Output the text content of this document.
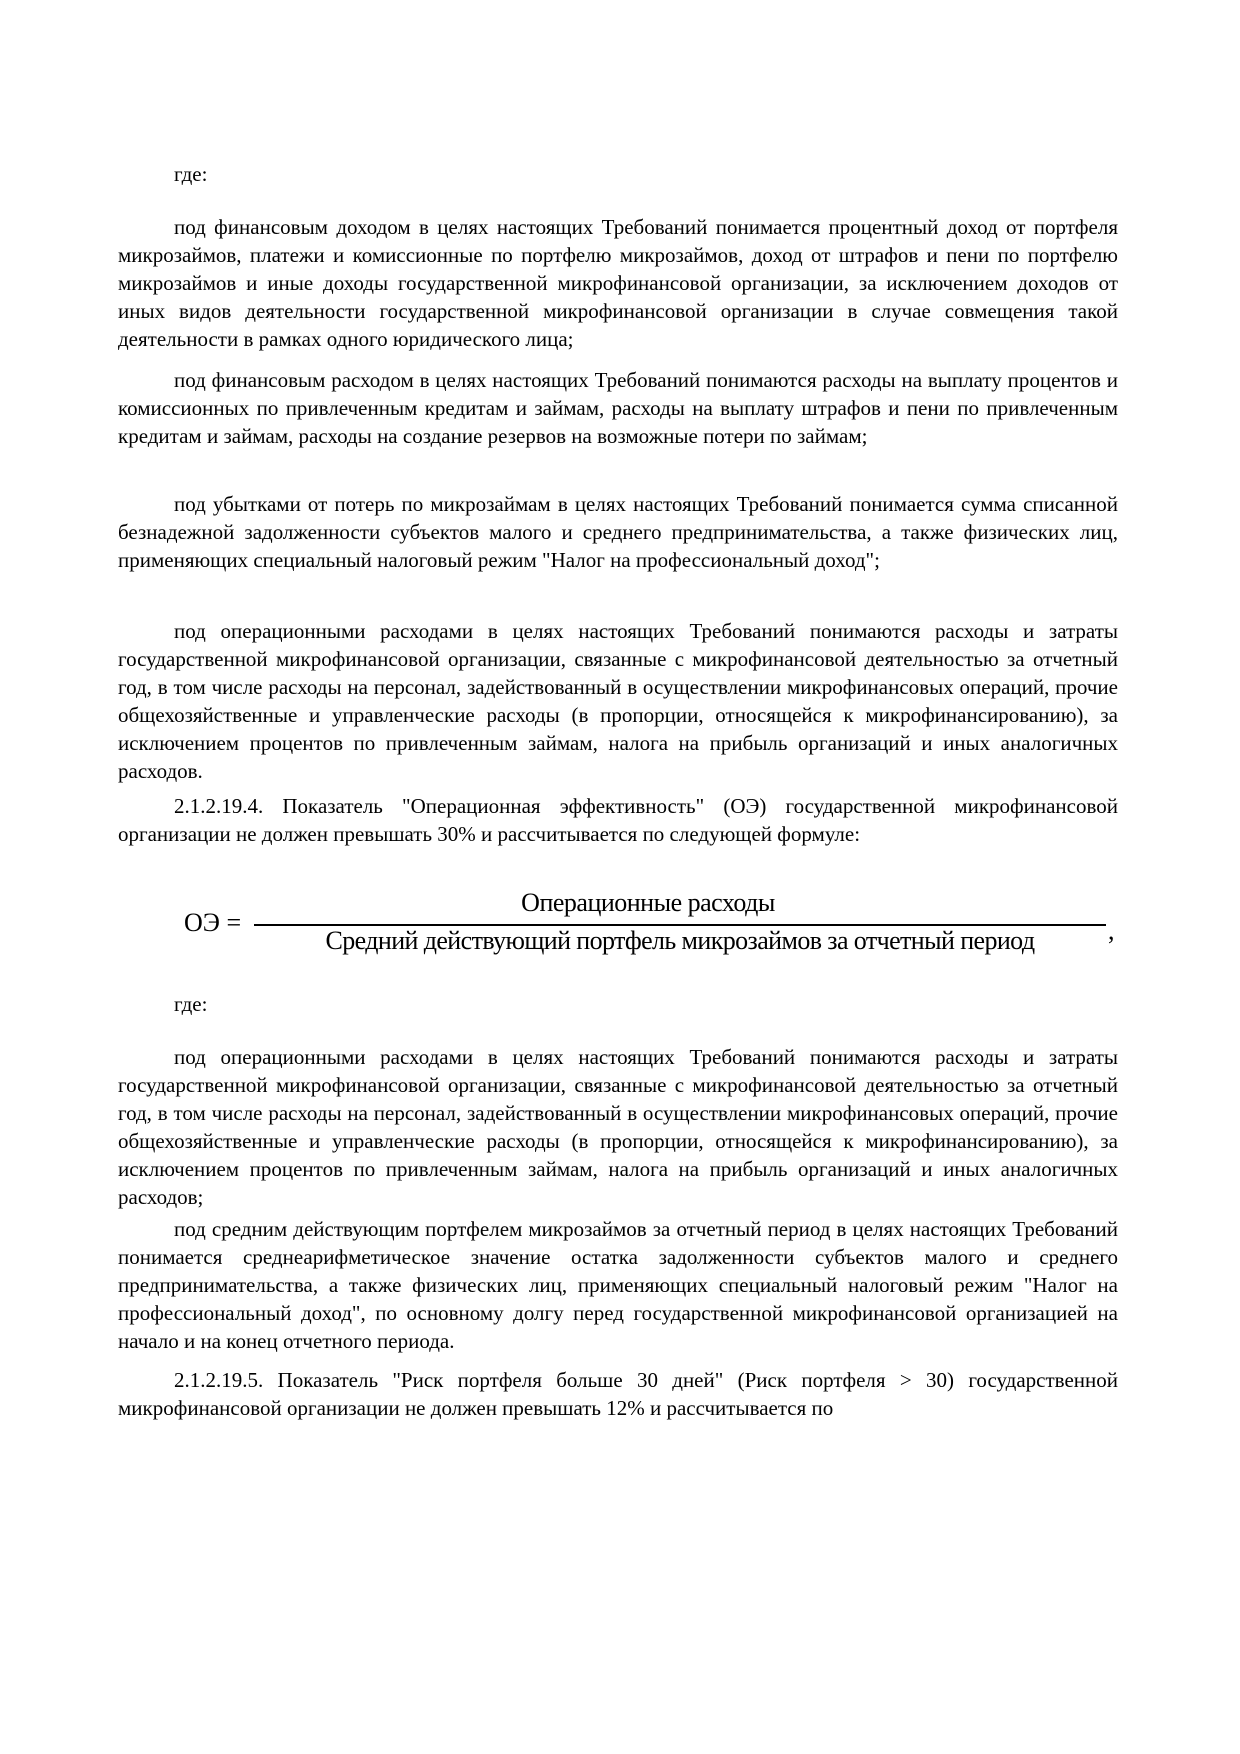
где:

под финансовым доходом в целях настоящих Требований понимается процентный доход от портфеля микрозаймов, платежи и комиссионные по портфелю микрозаймов, доход от штрафов и пени по портфелю микрозаймов и иные доходы государственной микрофинансовой организации, за исключением доходов от иных видов деятельности государственной микрофинансовой организации в случае совмещения такой деятельности в рамках одного юридического лица;

под финансовым расходом в целях настоящих Требований понимаются расходы на выплату процентов и комиссионных по привлеченным кредитам и займам, расходы на выплату штрафов и пени по привлеченным кредитам и займам, расходы на создание резервов на возможные потери по займам;

под убытками от потерь по микрозаймам в целях настоящих Требований понимается сумма списанной безнадежной задолженности субъектов малого и среднего предпринимательства, а также физических лиц, применяющих специальный налоговый режим "Налог на профессиональный доход";

под операционными расходами в целях настоящих Требований понимаются расходы и затраты государственной микрофинансовой организации, связанные с микрофинансовой деятельностью за отчетный год, в том числе расходы на персонал, задействованный в осуществлении микрофинансовых операций, прочие общехозяйственные и управленческие расходы (в пропорции, относящейся к микрофинансированию), за исключением процентов по привлеченным займам, налога на прибыль организаций и иных аналогичных расходов.

2.1.2.19.4. Показатель "Операционная эффективность" (ОЭ) государственной микрофинансовой организации не должен превышать 30% и рассчитывается по следующей формуле:

ОЭ =
Операционные расходы
Средний действующий портфель микрозаймов за отчетный период	,

где:

под операционными расходами в целях настоящих Требований понимаются расходы и затраты государственной микрофинансовой организации, связанные с микрофинансовой деятельностью за отчетный год, в том числе расходы на персонал, задействованный в осуществлении микрофинансовых операций, прочие общехозяйственные и управленческие расходы (в пропорции, относящейся к микрофинансированию), за исключением процентов по привлеченным займам, налога на прибыль организаций и иных аналогичных расходов;

под средним действующим портфелем микрозаймов за отчетный период в целях настоящих Требований понимается среднеарифметическое значение остатка задолженности субъектов малого и среднего предпринимательства, а также физических лиц, применяющих специальный налоговый режим "Налог на профессиональный доход", по основному долгу перед государственной микрофинансовой организацией на начало и на конец отчетного периода.

2.1.2.19.5. Показатель "Риск портфеля больше 30 дней" (Риск портфеля > 30) государственной микрофинансовой организации не должен превышать 12% и рассчитывается по
